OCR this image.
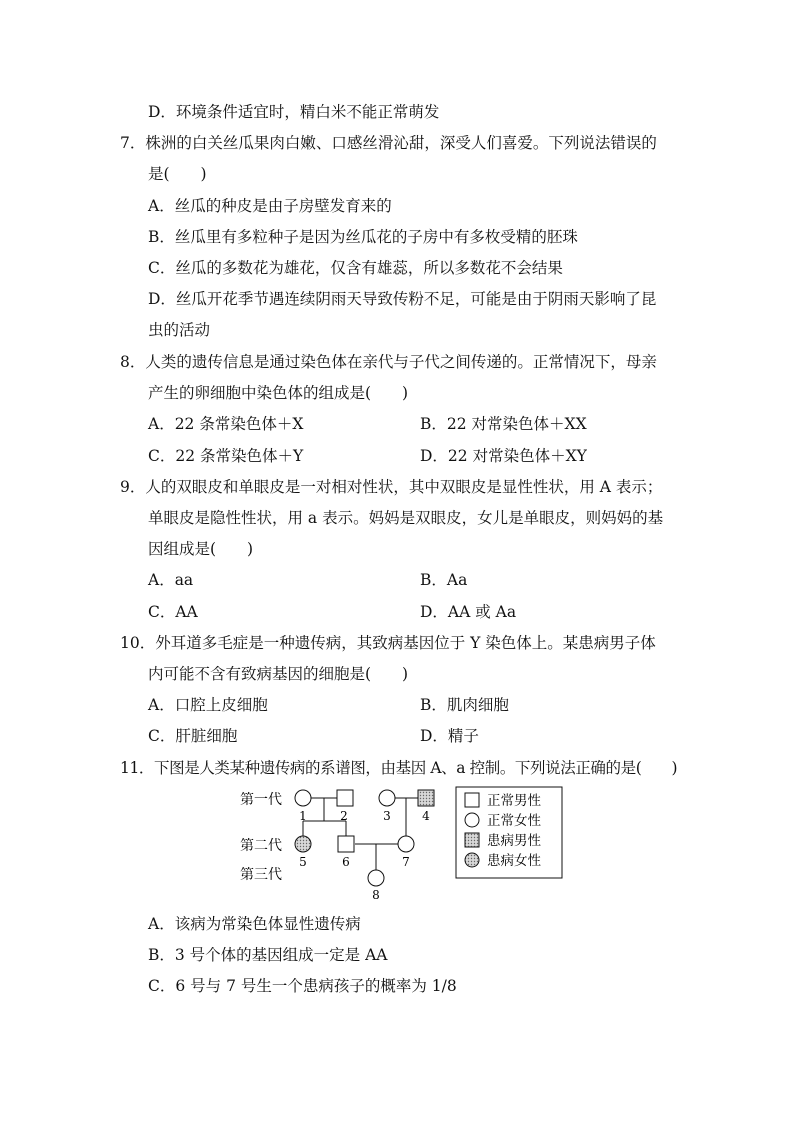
D．环境条件适宜时，精白米不能正常萌发
7．株洲的白关丝瓜果肉白嫩、口感丝滑沁甜，深受人们喜爱。下列说法错误的
是(　　)
A．丝瓜的种皮是由子房壁发育来的
B．丝瓜里有多粒种子是因为丝瓜花的子房中有多枚受精的胚珠
C．丝瓜的多数花为雄花，仅含有雄蕊，所以多数花不会结果
D．丝瓜开花季节遇连续阴雨天导致传粉不足，可能是由于阴雨天影响了昆
虫的活动
8．人类的遗传信息是通过染色体在亲代与子代之间传递的。正常情况下，母亲
产生的卵细胞中染色体的组成是(　　)
A．22 条常染色体＋X	B．22 对常染色体＋XX
C．22 条常染色体＋Y	D．22 对常染色体＋XY
9．人的双眼皮和单眼皮是一对相对性状，其中双眼皮是显性性状，用 A 表示；
单眼皮是隐性性状，用 a 表示。妈妈是双眼皮，女儿是单眼皮，则妈妈的基
因组成是(　　)
A．aa	B．Aa
C．AA	D．AA 或 Aa
10．外耳道多毛症是一种遗传病，其致病基因位于 Y 染色体上。某患病男子体
内可能不含有致病基因的细胞是(　　)
A．口腔上皮细胞	B．肌肉细胞
C．肝脏细胞	D．精子
11．下图是人类某种遗传病的系谱图，由基因 A、a 控制。下列说法正确的是(　　)
第一代
第二代
第三代
1	2	3	4
5	6	7
8
正常男性
正常女性
患病男性
患病女性
A．该病为常染色体显性遗传病
B．3 号个体的基因组成一定是 AA
C．6 号与 7 号生一个患病孩子的概率为 1/8
